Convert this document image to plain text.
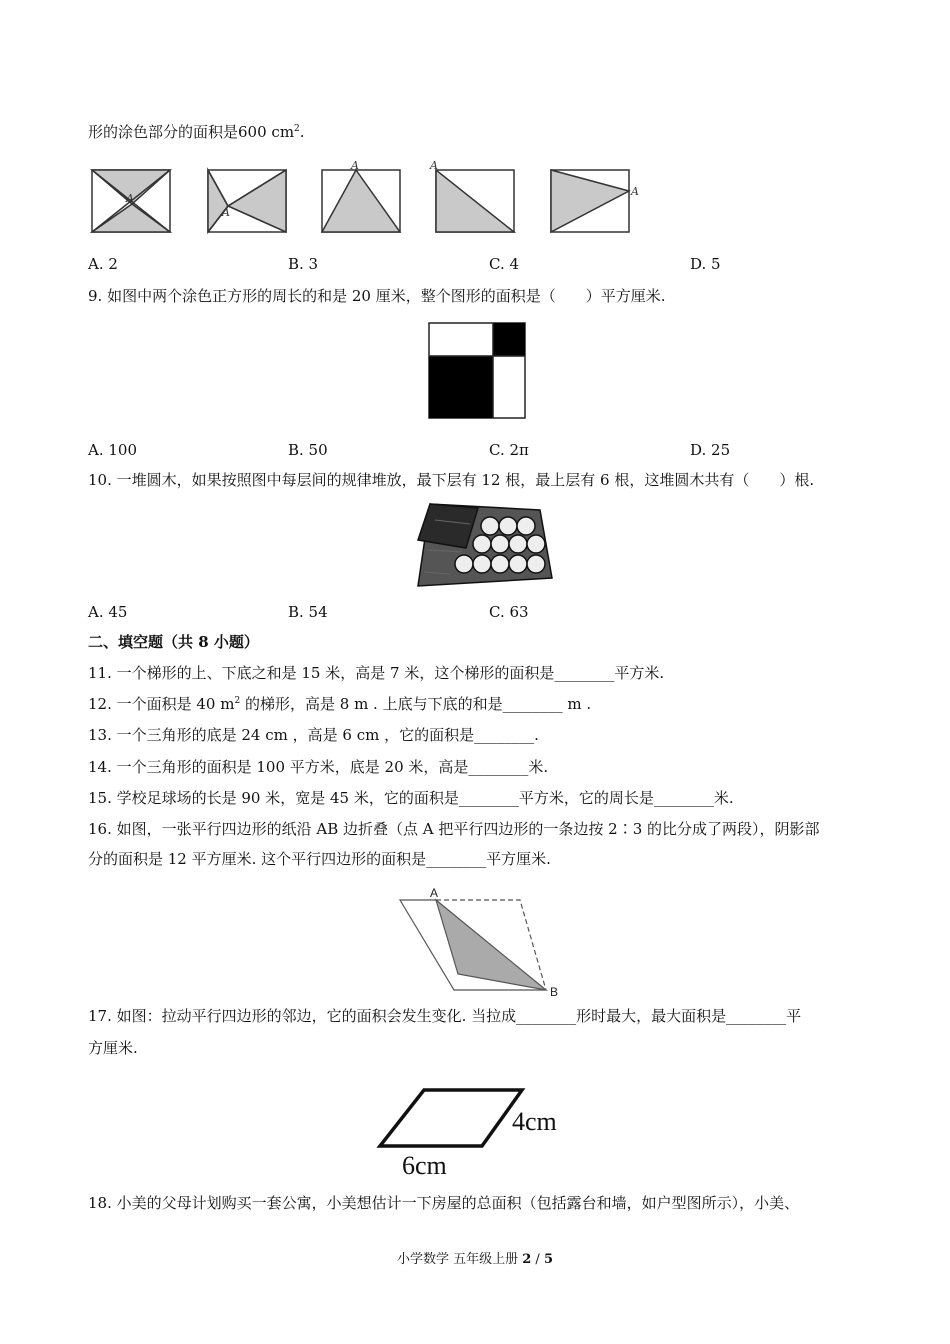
形的涂色部分的面积是600 $cm^2$.
A
A
A	A
A
A. 2	B. 3	C. 4	D. 5
9. 如图中两个涂色正方形的周长的和是 20 厘米，整个图形的面积是（　　）平方厘米.
A. 100	B. 50	C. 2π	D. 25
10. 一堆圆木，如果按照图中每层间的规律堆放，最下层有 12 根，最上层有 6 根，这堆圆木共有（　　）根.
A. 45	B. 54	C. 63
二、填空题（共 8 小题）
11. 一个梯形的上、下底之和是 15 米，高是 7 米，这个梯形的面积是________平方米.
12. 一个面积是 40 $m^2$ 的梯形，高是 8 m . 上底与下底的和是________ m .
13. 一个三角形的底是 24 cm ，高是 6 cm ，它的面积是________.
14. 一个三角形的面积是 100 平方米，底是 20 米，高是________米.
15. 学校足球场的长是 90 米，宽是 45 米，它的面积是________平方米，它的周长是________米.
16. 如图，一张平行四边形的纸沿 AB 边折叠（点 A 把平行四边形的一条边按 2∶3 的比分成了两段），阴影部
分的面积是 12 平方厘米. 这个平行四边形的面积是________平方厘米.
A
B
17. 如图：拉动平行四边形的邻边，它的面积会发生变化. 当拉成________形时最大，最大面积是________平
方厘米.
4cm
6cm
18. 小美的父母计划购买一套公寓，小美想估计一下房屋的总面积（包括露台和墙，如户型图所示），小美、
小学数学 五年级上册 2 / 5
